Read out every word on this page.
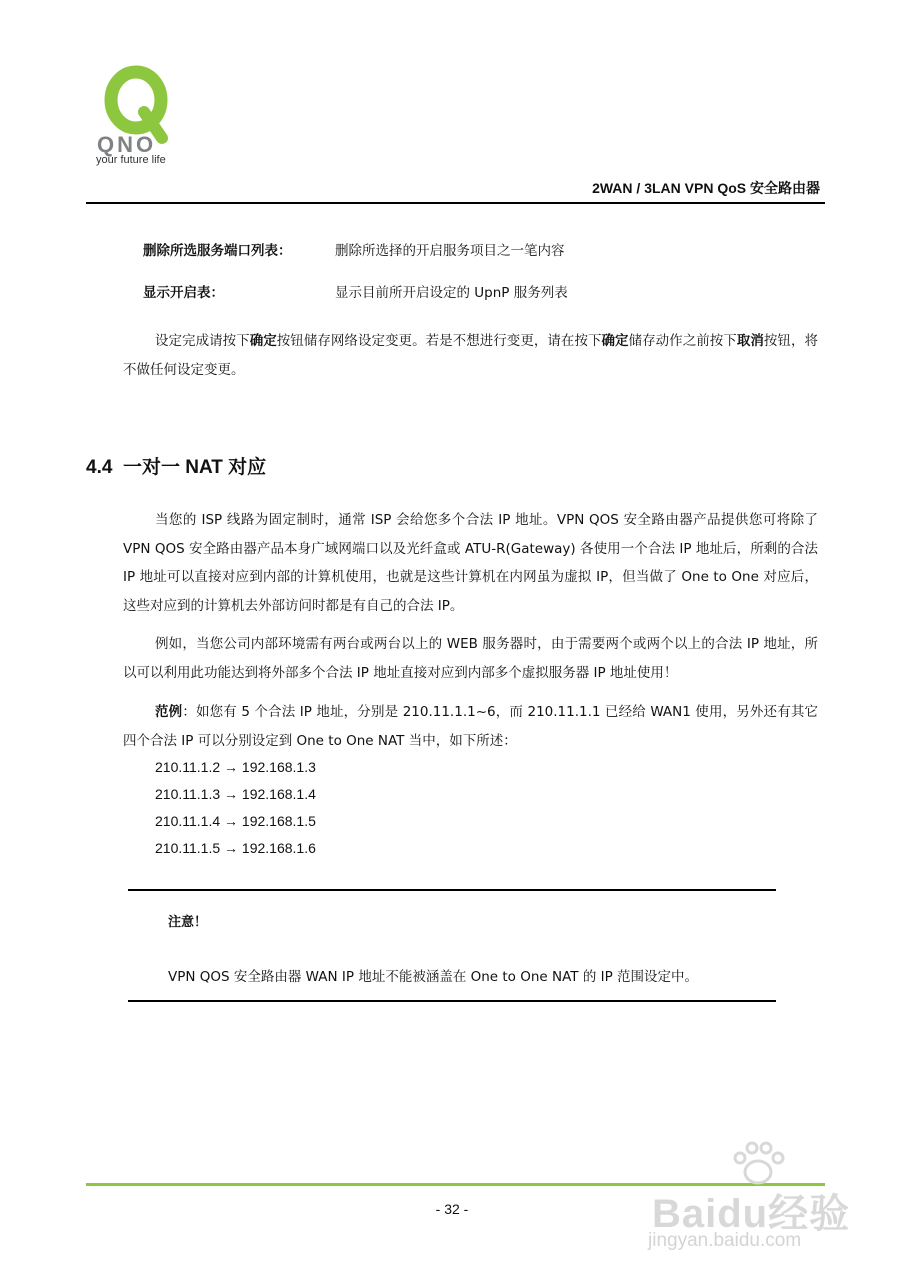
QNO
your future life
2WAN / 3LAN VPN QoS 安全路由器
删除所选服务端口列表：	删除所选择的开启服务项目之一笔内容
显示开启表：	显示目前所开启设定的 UpnP 服务列表
设定完成请按下确定按钮储存网络设定变更。若是不想进行变更，请在按下确定储存动作之前按下取消按钮，将不做任何设定变更。
4.4 一对一 NAT 对应
当您的 ISP 线路为固定制时，通常 ISP 会给您多个合法 IP 地址。VPN QOS 安全路由器产品提供您可将除了 VPN QOS 安全路由器产品本身广域网端口以及光纤盒或 ATU-R(Gateway) 各使用一个合法 IP 地址后，所剩的合法 IP 地址可以直接对应到内部的计算机使用，也就是这些计算机在内网虽为虚拟 IP，但当做了 One to One 对应后，这些对应到的计算机去外部访问时都是有自己的合法 IP。
例如，当您公司内部环境需有两台或两台以上的 WEB 服务器时，由于需要两个或两个以上的合法 IP 地址，所以可以利用此功能达到将外部多个合法 IP 地址直接对应到内部多个虚拟服务器 IP 地址使用！
范例：如您有 5 个合法 IP 地址，分别是 210.11.1.1~6，而 210.11.1.1 已经给 WAN1 使用，另外还有其它四个合法 IP 可以分别设定到 One to One NAT 当中，如下所述：
210.11.1.2 → 192.168.1.3
210.11.1.3 → 192.168.1.4
210.11.1.4 → 192.168.1.5
210.11.1.5 → 192.168.1.6
注意！
VPN QOS 安全路由器 WAN IP 地址不能被涵盖在 One to One NAT 的 IP 范围设定中。
- 32 -	Baidu经验
jingyan.baidu.com
